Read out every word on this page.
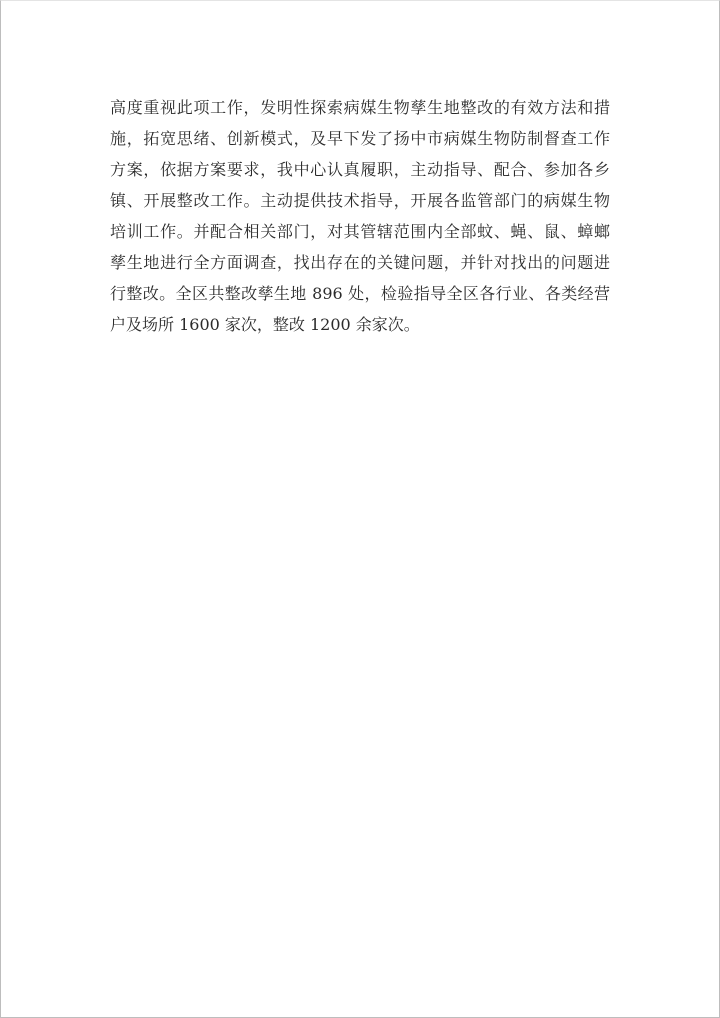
高度重视此项工作，发明性探索病媒生物孳生地整改的有效方法和措
施，拓宽思绪、创新模式，及早下发了扬中市病媒生物防制督查工作
方案，依据方案要求，我中心认真履职，主动指导、配合、参加各乡
镇、开展整改工作。主动提供技术指导，开展各监管部门的病媒生物
培训工作。并配合相关部门，对其管辖范围内全部蚊、蝇、鼠、蟑螂
孳生地进行全方面调查，找出存在的关键问题，并针对找出的问题进
行整改。全区共整改孳生地 896 处，检验指导全区各行业、各类经营
户及场所 1600 家次，整改 1200 余家次。
